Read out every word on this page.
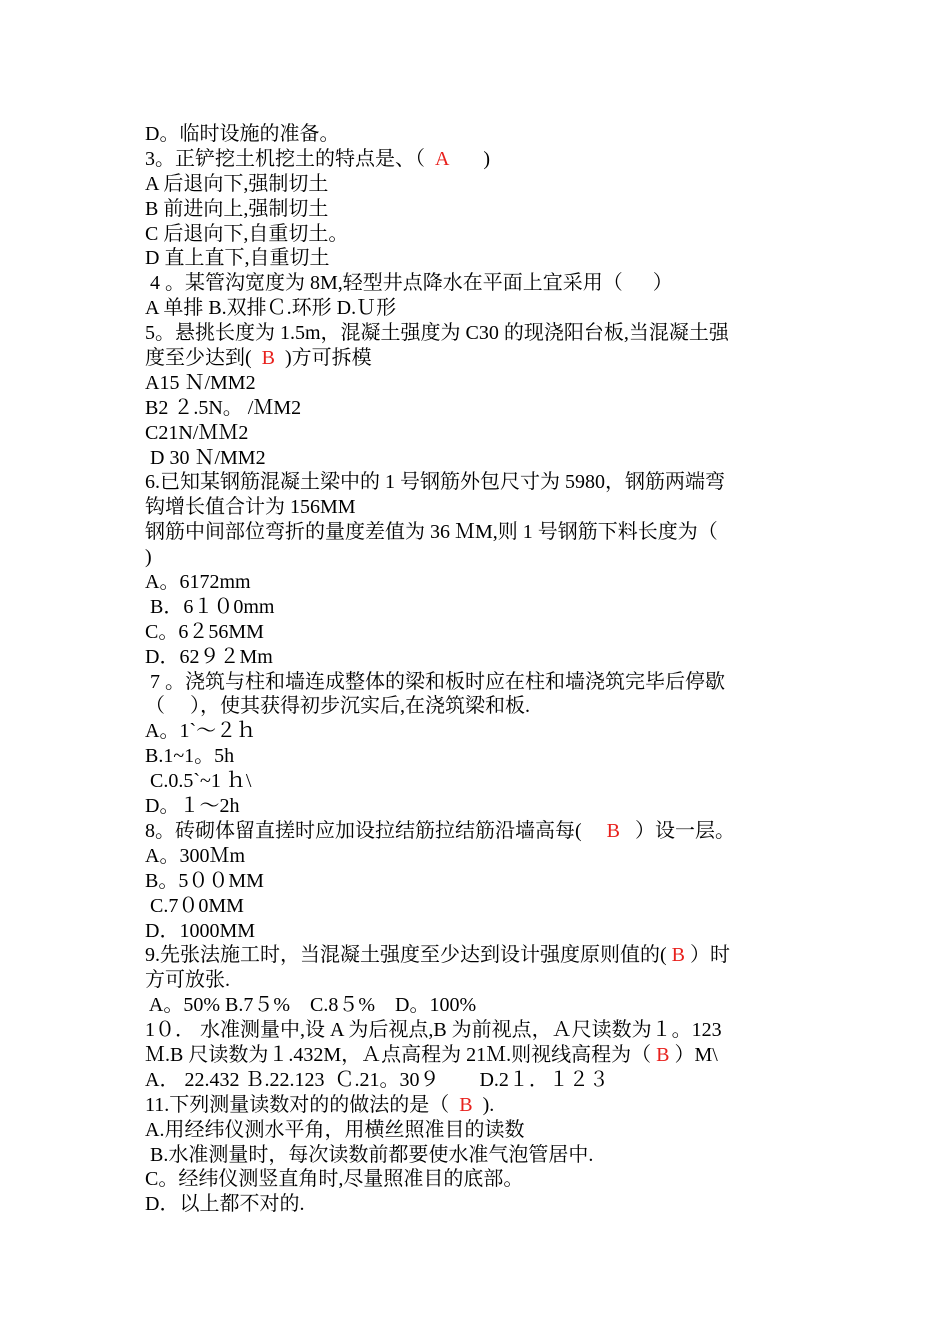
D。临时设施的准备。
3。正铲挖土机挖土的特点是、（  A       )
A 后退向下,强制切土
B 前进向上,强制切土
C 后退向下,自重切土。
D 直上直下,自重切土
4 。某管沟宽度为 8M,轻型井点降水在平面上宜采用（      ）
A 单排 B.双排Ｃ.环形 D.Ｕ形
5。悬挑长度为 1.5m，混凝土强度为 C30 的现浇阳台板,当混凝土强
度至少达到(  B  )方可拆模
A15 Ｎ/MM2
B2 ２.5N。 /ＭM2
C21N/ＭＭ2
D 30 Ｎ/MM2
6.已知某钢筋混凝土梁中的 1 号钢筋外包尺寸为 5980，钢筋两端弯
钩增长值合计为 156MM
钢筋中间部位弯折的量度差值为 36 ＭM,则 1 号钢筋下料长度为（
)
A。6172mm
B．6１０0mm
C。6２56MM
D．62９２Mm
7 。浇筑与柱和墙连成整体的梁和板时应在柱和墙浇筑完毕后停歇
（     ），使其获得初步沉实后,在浇筑梁和板.
A。1`～２ｈ
B.1~1。5h
C.0.5`~1 ｈ\
D。１～2h
8。砖砌体留直搓时应加设拉结筋拉结筋沿墙高每(     B   ）设一层。
A。300Ｍm
B。5００MM
C.7０0MM
D．1000MM
9.先张法施工时，当混凝土强度至少达到设计强度原则值的( B ）时
方可放张.
A。50% B.7５%    C.8５%    D。100%
1０． 水准测量中,设 A 为后视点,B 为前视点，Ａ尺读数为１。123
Ｍ.B 尺读数为１.432M，Ａ点高程为 21Ｍ.则视线高程为（ B ）M\
A． 22.432 Ｂ.22.123  Ｃ.21。30９        D.2１．１２３
11.下列测量读数对的的做法的是（  B  ).
A.用经纬仪测水平角，用横丝照准目的读数
B.水准测量时，每次读数前都要使水准气泡管居中.
C。经纬仪测竖直角时,尽量照准目的底部。
D．以上都不对的.
